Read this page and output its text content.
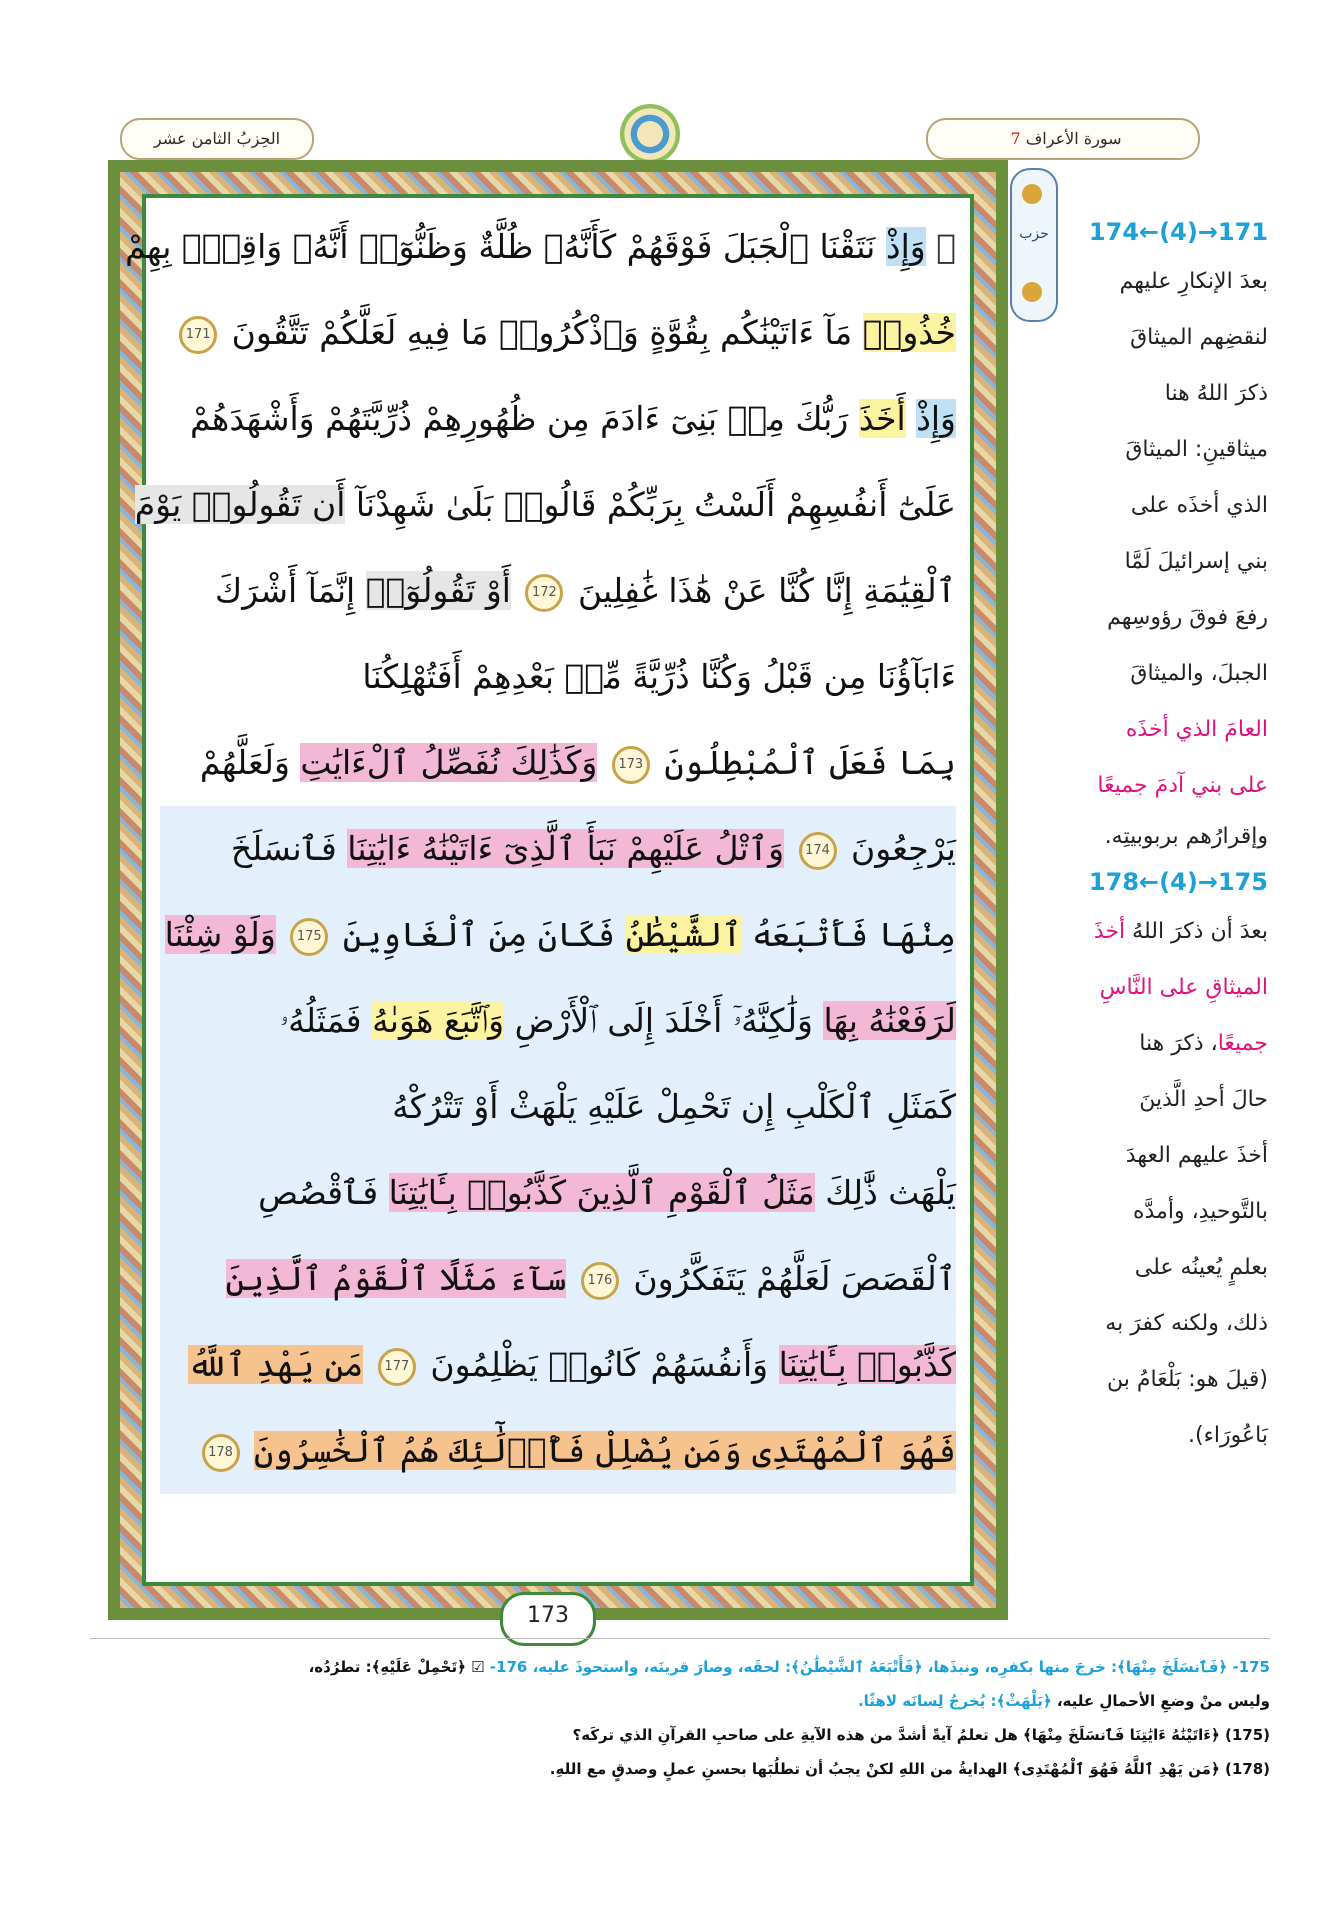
سورة الأعراف 7
الحِزبُ الثامن عشر
۞ وَإِذْ نَتَقْنَا ٱلْجَبَلَ فَوْقَهُمْ كَأَنَّهُۥ ظُلَّةٌ وَظَنُّوٓا۟ أَنَّهُۥ وَاقِعٌۢ بِهِمْ
خُذُوا۟ مَآ ءَاتَيْنَٰكُم بِقُوَّةٍ وَٱذْكُرُوا۟ مَا فِيهِ لَعَلَّكُمْ تَتَّقُونَ 171
وَإِذْ أَخَذَ رَبُّكَ مِنۢ بَنِىٓ ءَادَمَ مِن ظُهُورِهِمْ ذُرِّيَّتَهُمْ وَأَشْهَدَهُمْ
عَلَىٰٓ أَنفُسِهِمْ أَلَسْتُ بِرَبِّكُمْ قَالُوا۟ بَلَىٰ شَهِدْنَآ أَن تَقُولُوا۟ يَوْمَ
ٱلْقِيَٰمَةِ إِنَّا كُنَّا عَنْ هَٰذَا غَٰفِلِينَ 172 أَوْ تَقُولُوٓا۟ إِنَّمَآ أَشْرَكَ
ءَابَآؤُنَا مِن قَبْلُ وَكُنَّا ذُرِّيَّةً مِّنۢ بَعْدِهِمْ أَفَتُهْلِكُنَا
بِمَا فَعَلَ ٱلْمُبْطِلُونَ 173 وَكَذَٰلِكَ نُفَصِّلُ ٱلْءَايَٰتِ وَلَعَلَّهُمْ
يَرْجِعُونَ 174 وَٱتْلُ عَلَيْهِمْ نَبَأَ ٱلَّذِىٓ ءَاتَيْنَٰهُ ءَايَٰتِنَا فَٱنسَلَخَ
مِنْهَا فَأَتْبَعَهُ ٱلشَّيْطَٰنُ فَكَانَ مِنَ ٱلْغَاوِينَ 175 وَلَوْ شِئْنَا
لَرَفَعْنَٰهُ بِهَا وَلَٰكِنَّهُۥٓ أَخْلَدَ إِلَى ٱلْأَرْضِ وَٱتَّبَعَ هَوَىٰهُ فَمَثَلُهُۥ
كَمَثَلِ ٱلْكَلْبِ إِن تَحْمِلْ عَلَيْهِ يَلْهَثْ أَوْ تَتْرُكْهُ
يَلْهَث ذَّٰلِكَ مَثَلُ ٱلْقَوْمِ ٱلَّذِينَ كَذَّبُوا۟ بِـَٔايَٰتِنَا فَٱقْصُصِ
ٱلْقَصَصَ لَعَلَّهُمْ يَتَفَكَّرُونَ 176 سَآءَ مَثَلًا ٱلْقَوْمُ ٱلَّذِينَ
كَذَّبُوا۟ بِـَٔايَٰتِنَا وَأَنفُسَهُمْ كَانُوا۟ يَظْلِمُونَ 177 مَن يَهْدِ ٱللَّهُ
فَهُوَ ٱلْمُهْتَدِى وَمَن يُضْلِلْ فَأُو۟لَٰٓئِكَ هُمُ ٱلْخَٰسِرُونَ 178
173
حزب	171→(4)←174
بعدَ الإنكارِ عليهم
لنقضِهم الميثاقَ
ذكرَ اللهُ هنا
ميثاقينِ: الميثاقَ
الذي أخذَه على
بني إسرائيلَ لَمَّا
رفعَ فوقَ رؤوسِهم
الجبلَ، والميثاقَ
العامَ الذي أخذَه
على بني آدمَ جميعًا
وإقرارُهم بربوبيتِه.
175→(4)←178
بعدَ أن ذكرَ اللهُ أخذَ
الميثاقِ على النَّاسِ
جميعًا، ذكرَ هنا
حالَ أحدِ الَّذينَ
أخذَ عليهم العهدَ
بالتَّوحيدِ، وأمدَّه
بعلمٍ يُعينُه على
ذلك، ولكنه كفرَ به
(قيلَ هو: بَلْعَامُ بن
بَاعُورَاء).
175- ﴿فَٱنسَلَخَ مِنْهَا﴾: خرجَ منها بكفرِه، ونبذَها، ﴿فَأَتْبَعَهُ ٱلشَّيْطَٰنُ﴾: لحقَه، وصارَ قرينَه، واستحوذَ عليه، 176- ☑ ﴿تَحْمِلْ عَلَيْهِ﴾: تطرُدُه،
وليس منْ وضعِ الأحمالِ عليه، ﴿يَلْهَثْ﴾: يُخرجُ لِسانَه لاهثًا.
(175) ﴿ءَاتَيْنَٰهُ ءَايَٰتِنَا فَٱنسَلَخَ مِنْهَا﴾ هل تعلمُ آيةً أشدَّ من هذه الآيةِ على صاحبِ القرآنِ الذي تركَه؟
(178) ﴿مَن يَهْدِ ٱللَّهُ فَهُوَ ٱلْمُهْتَدِى﴾ الهدايةُ من اللهِ لكنْ يجبُ أن تطلُبَها بحسنِ عملٍ وصدقٍ مع اللهِ.
